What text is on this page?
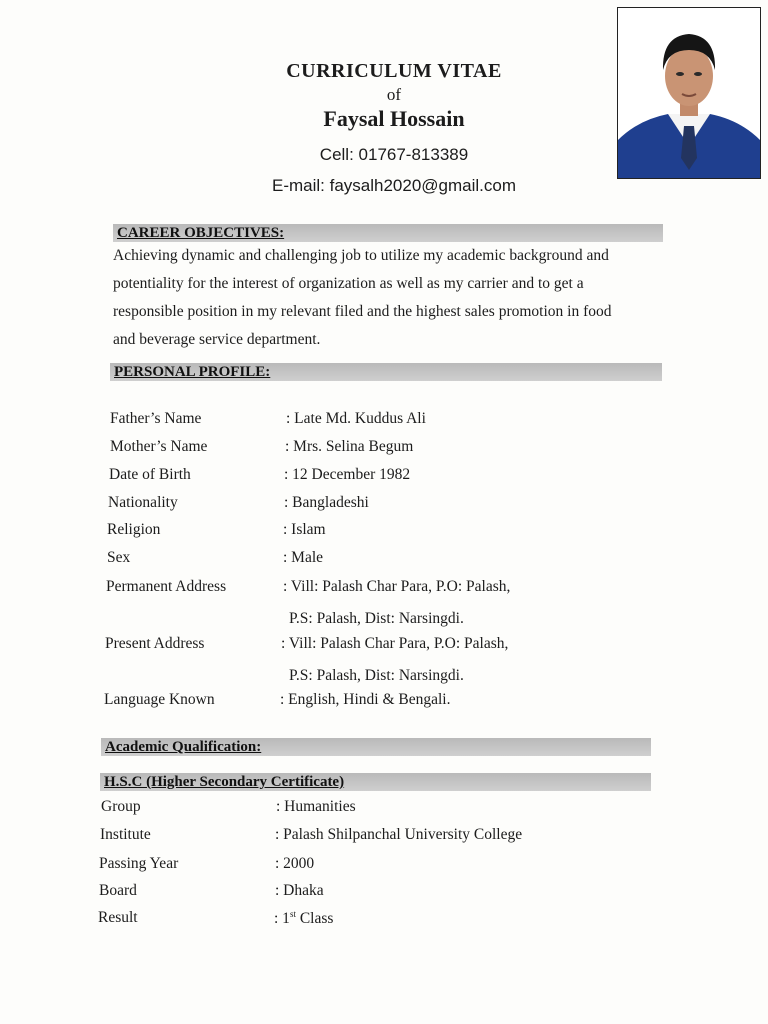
CURRICULUM VITAE
of
Faysal Hossain
Cell: 01767-813389
E-mail: faysalh2020@gmail.com
CAREER OBJECTIVES:
Achieving dynamic and challenging job to utilize my academic background and
potentiality for the interest of organization as well as my carrier and to get a
responsible position in my relevant filed and the highest sales promotion in food
and beverage service department.
PERSONAL PROFILE:
Father’s Name	: Late Md. Kuddus Ali
Mother’s Name	: Mrs. Selina Begum
Date of Birth	: 12 December 1982
Nationality	: Bangladeshi
Religion	: Islam
Sex	: Male
Permanent Address	: Vill: Palash Char Para, P.O: Palash,
P.S: Palash, Dist: Narsingdi.
Present Address	: Vill: Palash Char Para, P.O: Palash,
P.S: Palash, Dist: Narsingdi.
Language Known	: English, Hindi & Bengali.
Academic Qualification:
H.S.C (Higher Secondary Certificate)
Group	: Humanities
Institute	: Palash Shilpanchal University College
Passing Year	: 2000
Board	: Dhaka
Result	: 1st Class
